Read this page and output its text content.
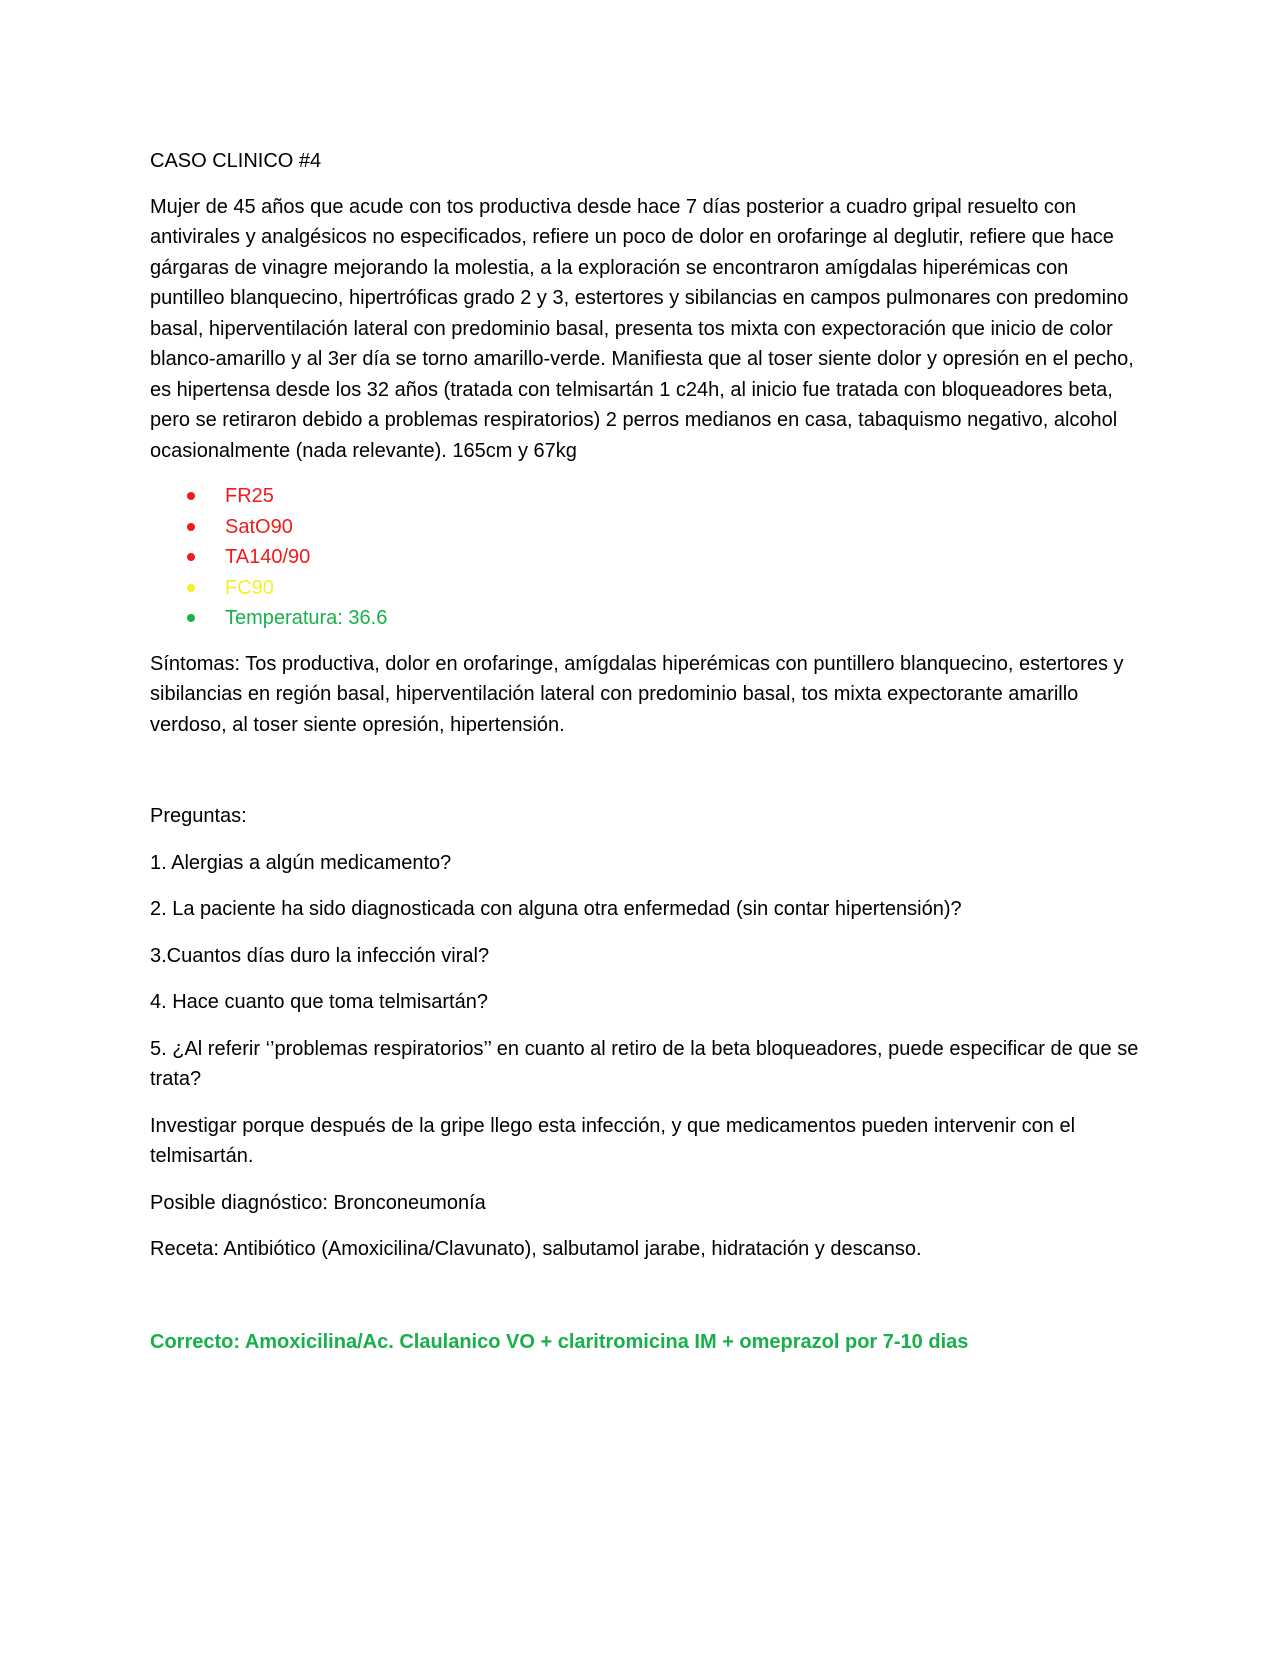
CASO CLINICO #4

Mujer de 45 años que acude con tos productiva desde hace 7 días posterior a cuadro gripal resuelto con antivirales y analgésicos no especificados, refiere un poco de dolor en orofaringe al deglutir, refiere que hace gárgaras de vinagre mejorando la molestia, a la exploración se encontraron amígdalas hiperémicas con puntilleo blanquecino, hipertróficas grado 2 y 3, estertores y sibilancias en campos pulmonares con predomino basal, hiperventilación lateral con predominio basal, presenta tos mixta con expectoración que inicio de color blanco-amarillo y al 3er día se torno amarillo-verde. Manifiesta que al toser siente dolor y opresión en el pecho, es hipertensa desde los 32 años (tratada con telmisartán 1 c24h, al inicio fue tratada con bloqueadores beta, pero se retiraron debido a problemas respiratorios) 2 perros medianos en casa, tabaquismo negativo, alcohol ocasionalmente (nada relevante). 165cm y 67kg

FR25
SatO90
TA140/90
FC90
Temperatura: 36.6

Síntomas: Tos productiva, dolor en orofaringe, amígdalas hiperémicas con puntillero blanquecino, estertores y sibilancias en región basal, hiperventilación lateral con predominio basal, tos mixta expectorante amarillo verdoso, al toser siente opresión, hipertensión.

Preguntas:

1. Alergias a algún medicamento?

2. La paciente ha sido diagnosticada con alguna otra enfermedad (sin contar hipertensión)?

3.Cuantos días duro la infección viral?

4. Hace cuanto que toma telmisartán?

5. ¿Al referir ‘’problemas respiratorios’’ en cuanto al retiro de la beta bloqueadores, puede especificar de que se trata?

Investigar porque después de la gripe llego esta infección, y que medicamentos pueden intervenir con el telmisartán.

Posible diagnóstico: Bronconeumonía

Receta: Antibiótico (Amoxicilina/Clavunato), salbutamol jarabe, hidratación y descanso.

Correcto: Amoxicilina/Ac. Claulanico VO + claritromicina IM + omeprazol por 7-10 dias
